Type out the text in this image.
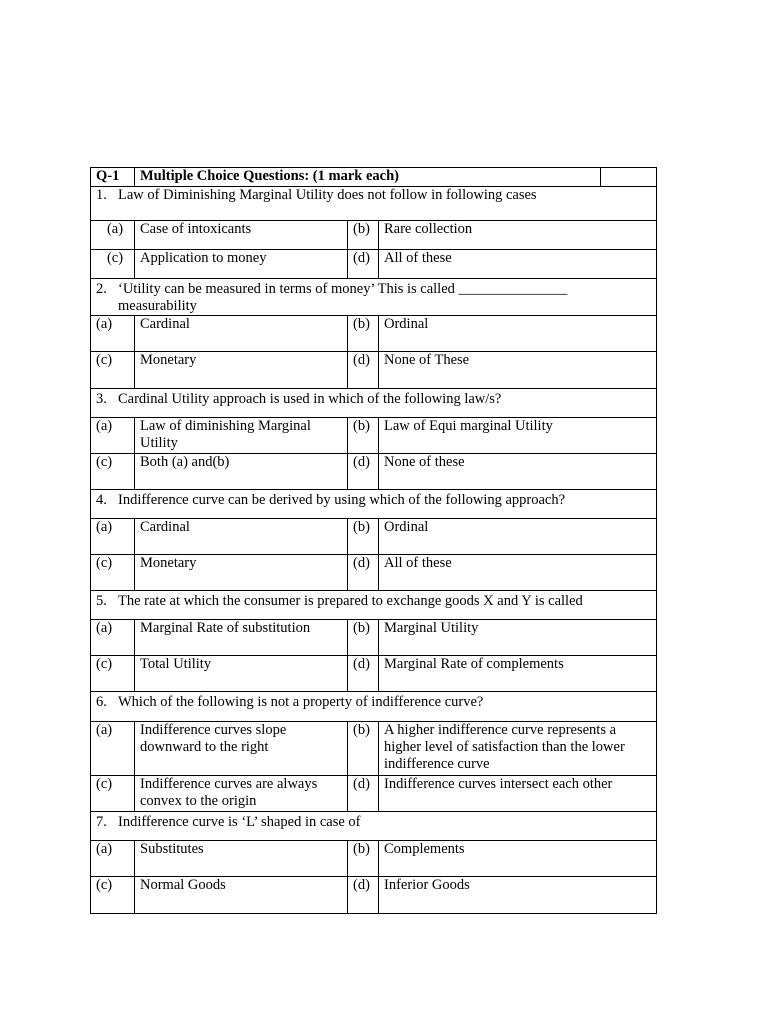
Q-1	Multiple Choice Questions: (1 mark each)			
1. Law of Diminishing Marginal Utility does not follow in following cases				
(a)	Case of intoxicants	(b)	Rare collection	
(c)	Application to money	(d)	All of these	
2. ‘Utility can be measured in terms of money’ This is called _______________
measurability				
(a)	Cardinal	(b)	Ordinal	
(c)	Monetary	(d)	None of These	
3. Cardinal Utility approach is used in which of the following law/s?				
(a)	Law of diminishing Marginal Utility	(b)	Law of Equi marginal Utility	
(c)	Both (a) and(b)	(d)	None of these	
4. Indifference curve can be derived by using which of the following approach?				
(a)	Cardinal	(b)	Ordinal	
(c)	Monetary	(d)	All of these	
5. The rate at which the consumer is prepared to exchange goods X and Y is called				
(a)	Marginal Rate of substitution	(b)	Marginal Utility	
(c)	Total Utility	(d)	Marginal Rate of complements	
6. Which of the following is not a property of indifference curve?				
(a)	Indifference curves slope downward to the right	(b)	A higher indifference curve represents a higher level of satisfaction than the lower indifference curve	
(c)	Indifference curves are always convex to the origin	(d)	Indifference curves intersect each other	
7. Indifference curve is ‘L’ shaped in case of				
(a)	Substitutes	(b)	Complements	
(c)	Normal Goods	(d)	Inferior Goods	
